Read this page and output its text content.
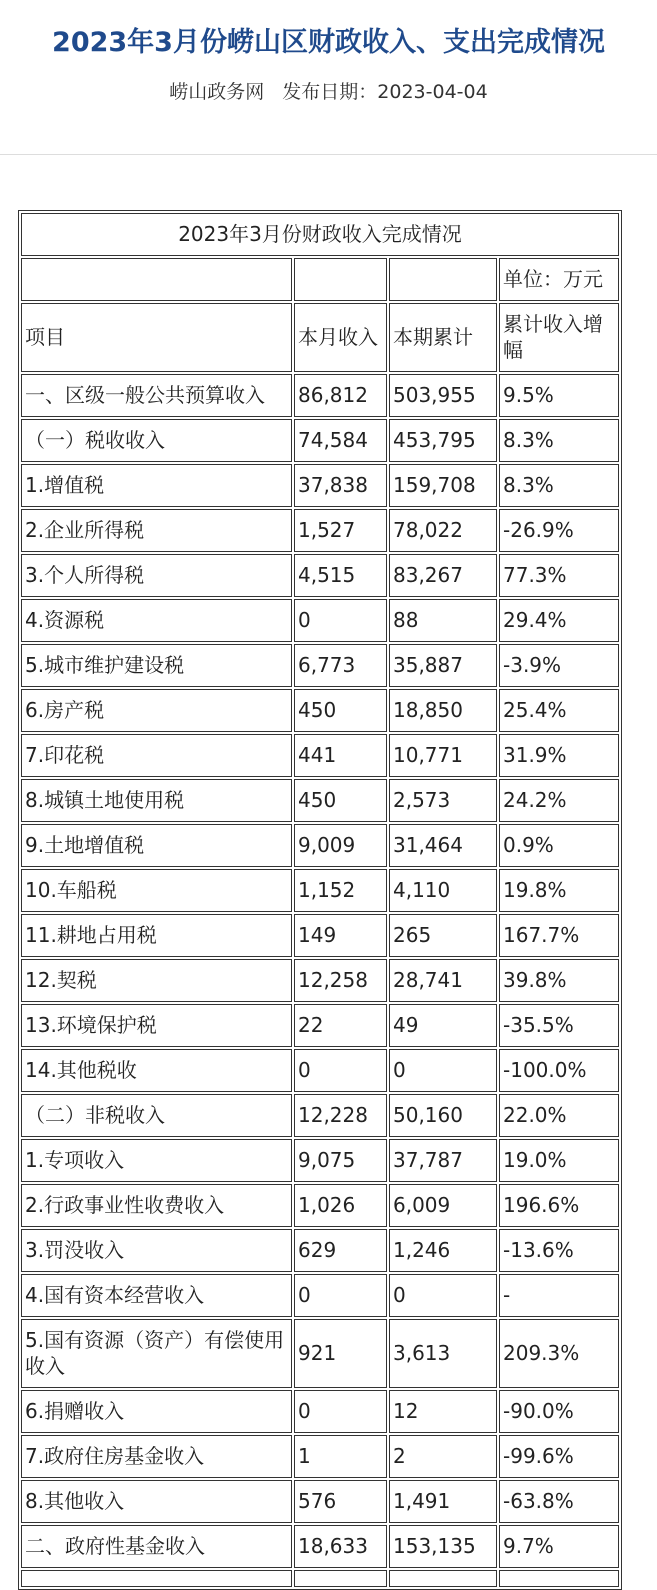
2023年3月份崂山区财政收入、支出完成情况
崂山政务网 发布日期：2023-04-04
2023年3月份财政收入完成情况			
			单位：万元
项目	本月收入	本期累计	累计收入增幅
一、区级一般公共预算收入	86,812	503,955	9.5%
（一）税收收入	74,584	453,795	8.3%
1.增值税	37,838	159,708	8.3%
2.企业所得税	1,527	78,022	-26.9%
3.个人所得税	4,515	83,267	77.3%
4.资源税	0	88	29.4%
5.城市维护建设税	6,773	35,887	-3.9%
6.房产税	450	18,850	25.4%
7.印花税	441	10,771	31.9%
8.城镇土地使用税	450	2,573	24.2%
9.土地增值税	9,009	31,464	0.9%
10.车船税	1,152	4,110	19.8%
11.耕地占用税	149	265	167.7%
12.契税	12,258	28,741	39.8%
13.环境保护税	22	49	-35.5%
14.其他税收	0	0	-100.0%
（二）非税收入	12,228	50,160	22.0%
1.专项收入	9,075	37,787	19.0%
2.行政事业性收费收入	1,026	6,009	196.6%
3.罚没收入	629	1,246	-13.6%
4.国有资本经营收入	0	0	-
5.国有资源（资产）有偿使用收入	921	3,613	209.3%
6.捐赠收入	0	12	-90.0%
7.政府住房基金收入	1	2	-99.6%
8.其他收入	576	1,491	-63.8%
二、政府性基金收入	18,633	153,135	9.7%
